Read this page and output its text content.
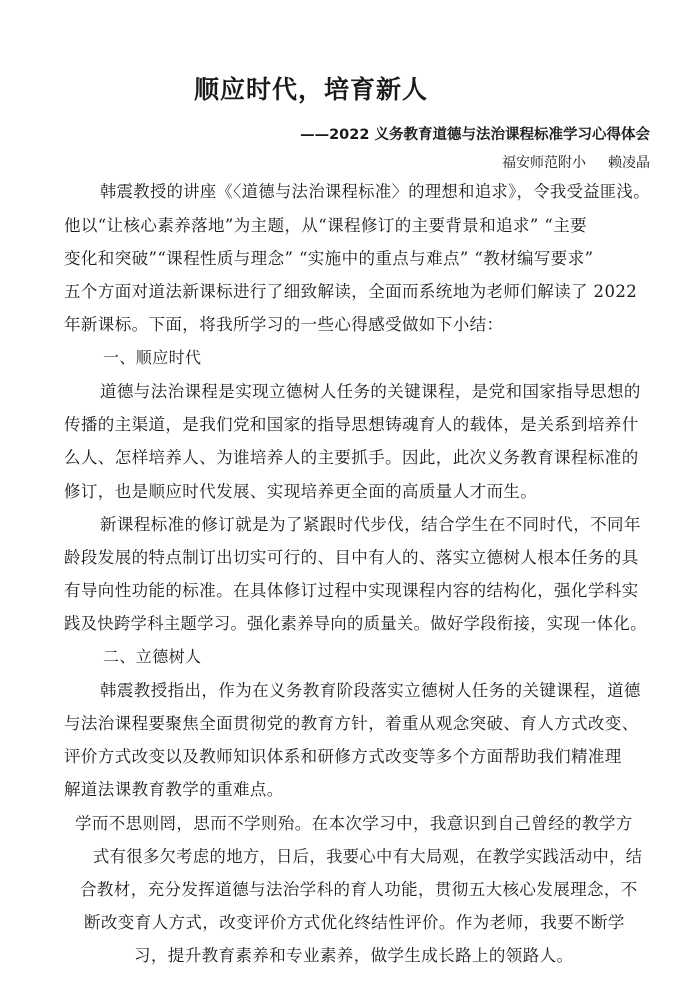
顺应时代，培育新人
——2022 义务教育道德与法治课程标准学习心得体会
福安师范附小 赖凌晶
韩震教授的讲座《〈道德与法治课程标准〉的理想和追求》，令我受益匪浅。
他以“让核心素养落地”为主题，从“课程修订的主要背景和追求” “主要
变化和突破”“课程性质与理念” “实施中的重点与难点” “教材编写要求”
五个方面对道法新课标进行了细致解读，全面而系统地为老师们解读了 2022
年新课标。下面，将我所学习的一些心得感受做如下小结：
一、顺应时代
道德与法治课程是实现立德树人任务的关键课程，是党和国家指导思想的
传播的主渠道，是我们党和国家的指导思想铸魂育人的载体，是关系到培养什
么人、怎样培养人、为谁培养人的主要抓手。因此，此次义务教育课程标准的
修订，也是顺应时代发展、实现培养更全面的高质量人才而生。
新课程标准的修订就是为了紧跟时代步伐，结合学生在不同时代，不同年
龄段发展的特点制订出切实可行的、目中有人的、落实立德树人根本任务的具
有导向性功能的标准。在具体修订过程中实现课程内容的结构化，强化学科实
践及快跨学科主题学习。强化素养导向的质量关。做好学段衔接，实现一体化。
二、立德树人
韩震教授指出，作为在义务教育阶段落实立德树人任务的关键课程，道德
与法治课程要聚焦全面贯彻党的教育方针，着重从观念突破、育人方式改变、
评价方式改变以及教师知识体系和研修方式改变等多个方面帮助我们精准理
解道法课教育教学的重难点。
学而不思则罔，思而不学则殆。在本次学习中，我意识到自己曾经的教学方
式有很多欠考虑的地方，日后，我要心中有大局观，在教学实践活动中，结
合教材，充分发挥道德与法治学科的育人功能，贯彻五大核心发展理念，不
断改变育人方式，改变评价方式优化终结性评价。作为老师，我要不断学
习，提升教育素养和专业素养，做学生成长路上的领路人。
